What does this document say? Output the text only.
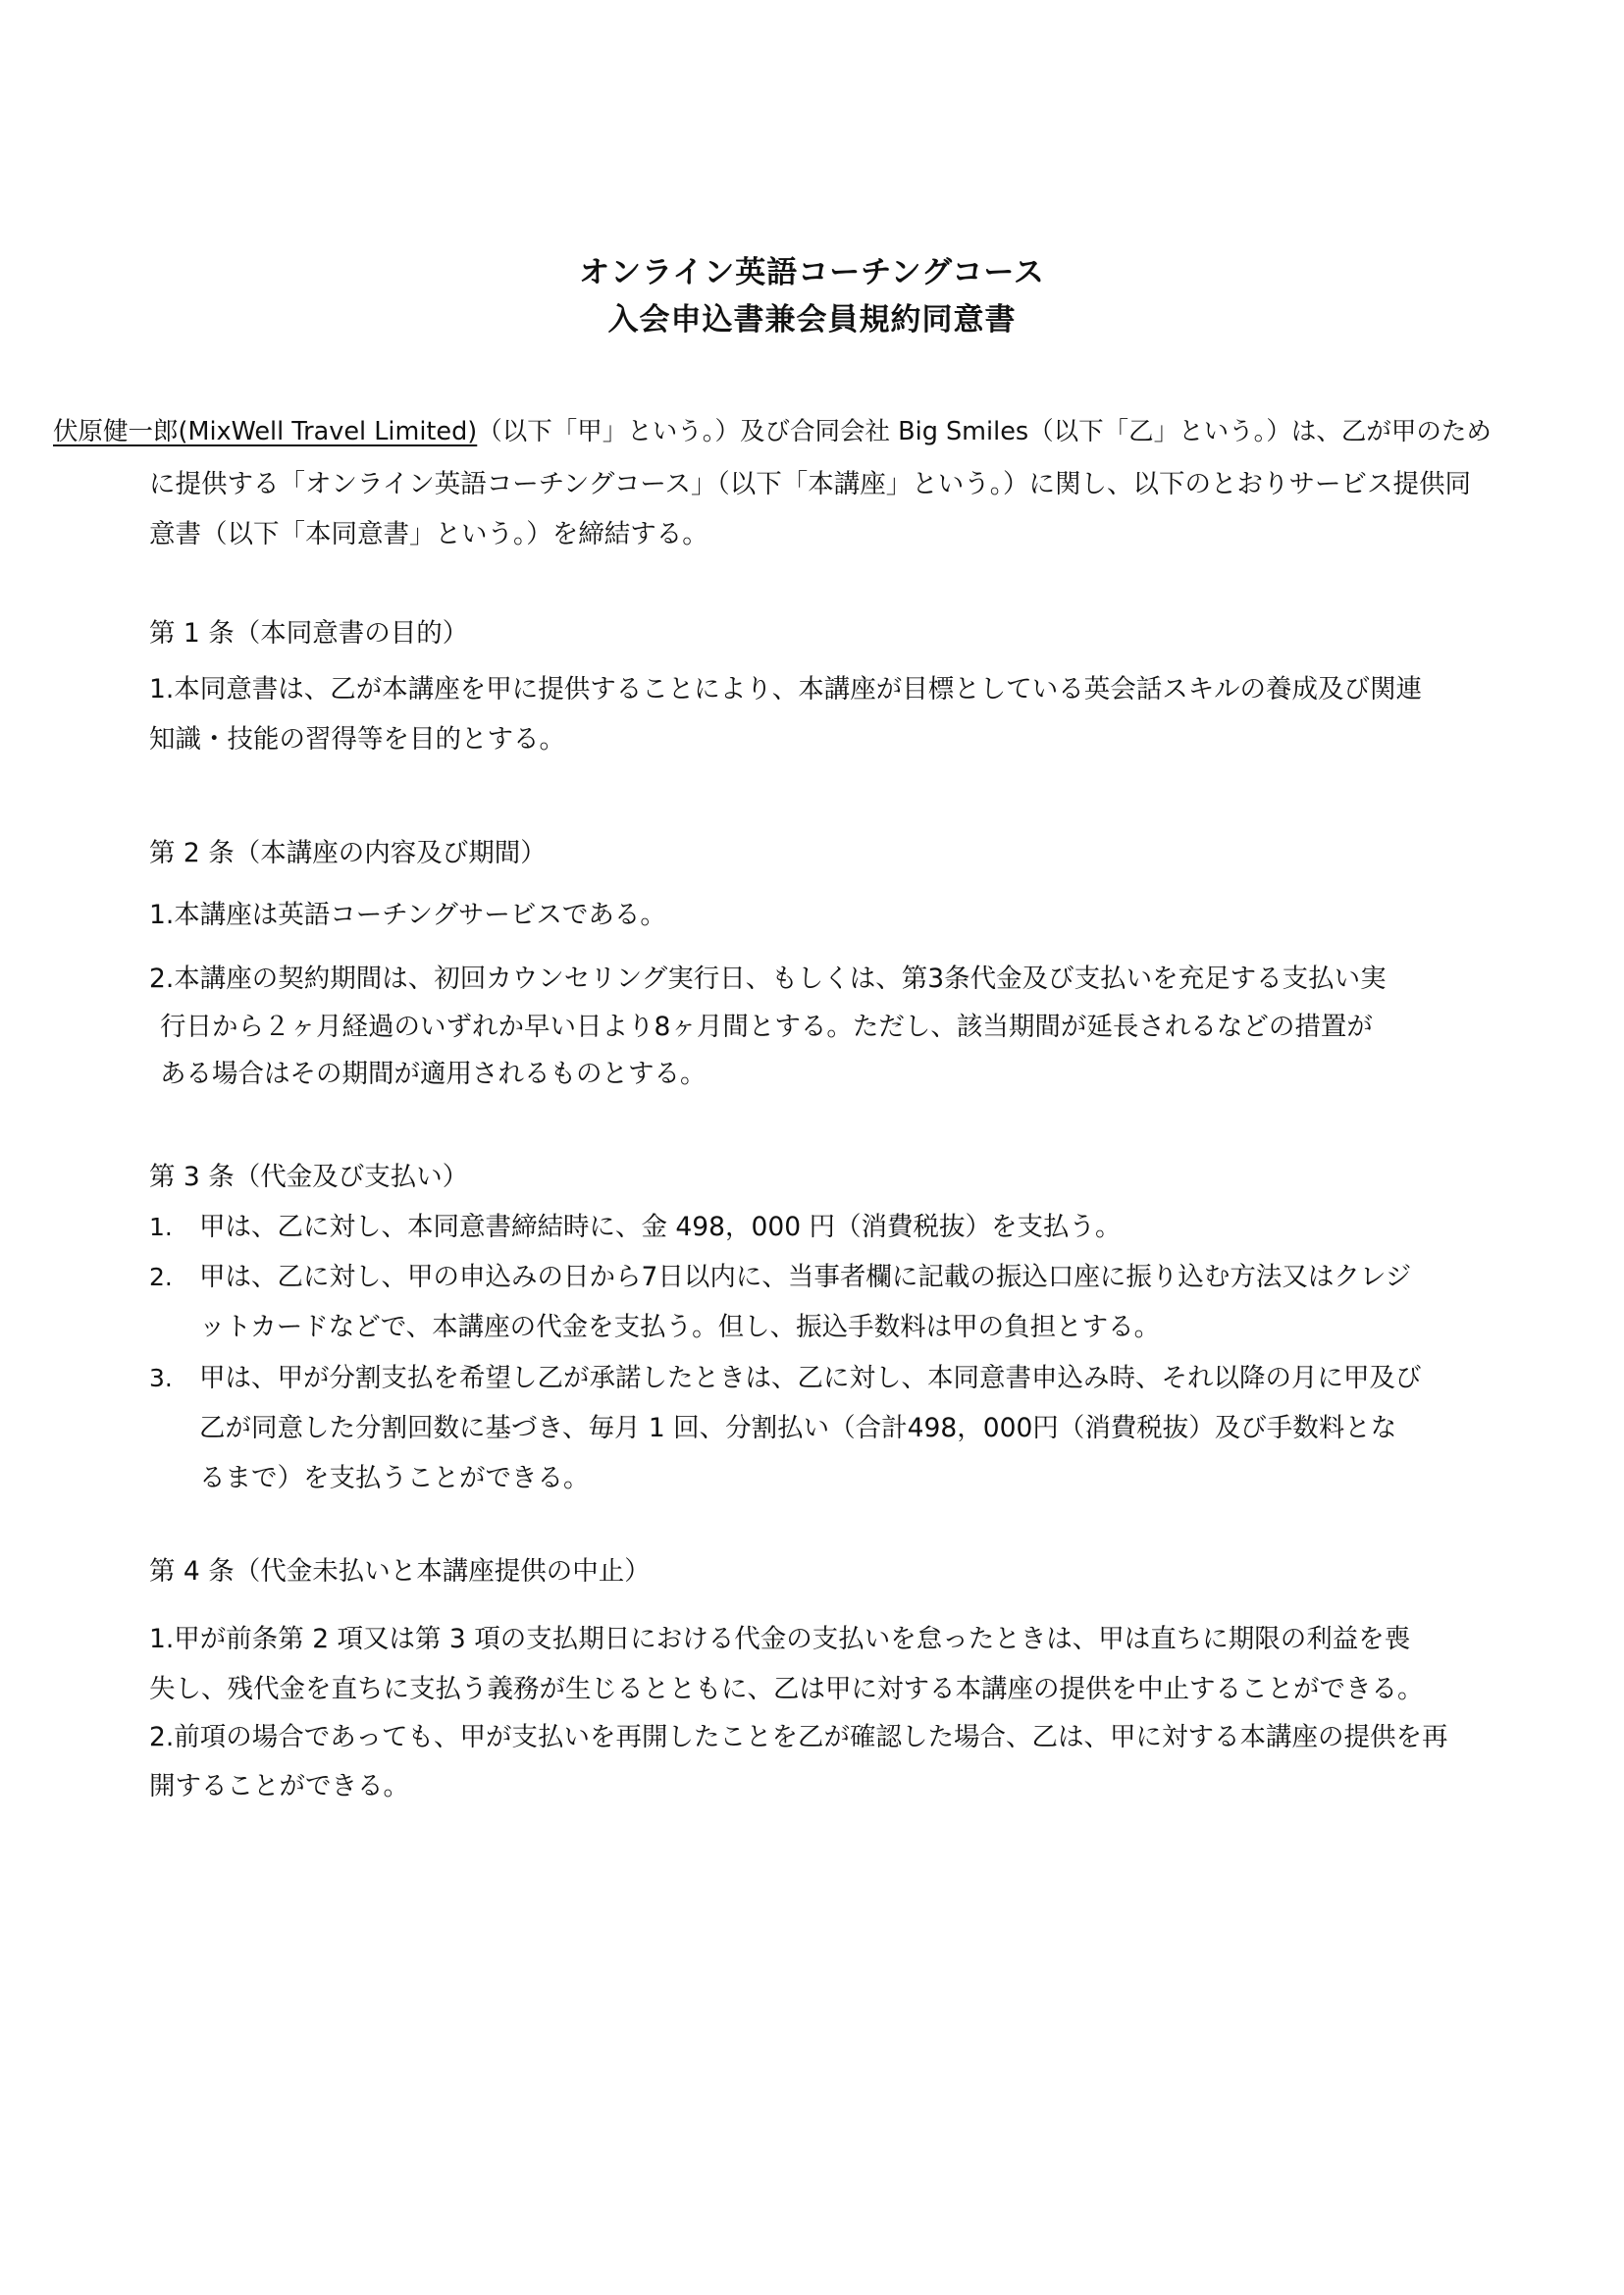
オンライン英語コーチングコース
入会申込書兼会員規約同意書
伏原健一郎(MixWell Travel Limited)（以下「甲」という。）及び合同会社 Big Smiles（以下「乙」という。）は、乙が甲のため
に提供する「オンライン英語コーチングコース」（以下「本講座」という。）に関し、以下のとおりサービス提供同
意書（以下「本同意書」という。）を締結する。
第 1 条（本同意書の目的）
1.本同意書は、乙が本講座を甲に提供することにより、本講座が目標としている英会話スキルの養成及び関連
知識・技能の習得等を目的とする。
第 2 条（本講座の内容及び期間）
1.本講座は英語コーチングサービスである。
2.本講座の契約期間は、初回カウンセリング実行日、もしくは、第3条代金及び支払いを充足する支払い実
行日から２ヶ月経過のいずれか早い日より8ヶ月間とする。ただし、該当期間が延長されるなどの措置が
ある場合はその期間が適用されるものとする。
第 3 条（代金及び支払い）
1. 甲は、乙に対し、本同意書締結時に、金 498，000 円（消費税抜）を支払う。
2. 甲は、乙に対し、甲の申込みの日から7日以内に、当事者欄に記載の振込口座に振り込む方法又はクレジ
ットカードなどで、本講座の代金を支払う。但し、振込手数料は甲の負担とする。
3. 甲は、甲が分割支払を希望し乙が承諾したときは、乙に対し、本同意書申込み時、それ以降の月に甲及び
乙が同意した分割回数に基づき、毎月 1 回、分割払い（合計498，000円（消費税抜）及び手数料とな
るまで）を支払うことができる。
第 4 条（代金未払いと本講座提供の中止）
1.甲が前条第 2 項又は第 3 項の支払期日における代金の支払いを怠ったときは、甲は直ちに期限の利益を喪
失し、残代金を直ちに支払う義務が生じるとともに、乙は甲に対する本講座の提供を中止することができる。
2.前項の場合であっても、甲が支払いを再開したことを乙が確認した場合、乙は、甲に対する本講座の提供を再
開することができる。
